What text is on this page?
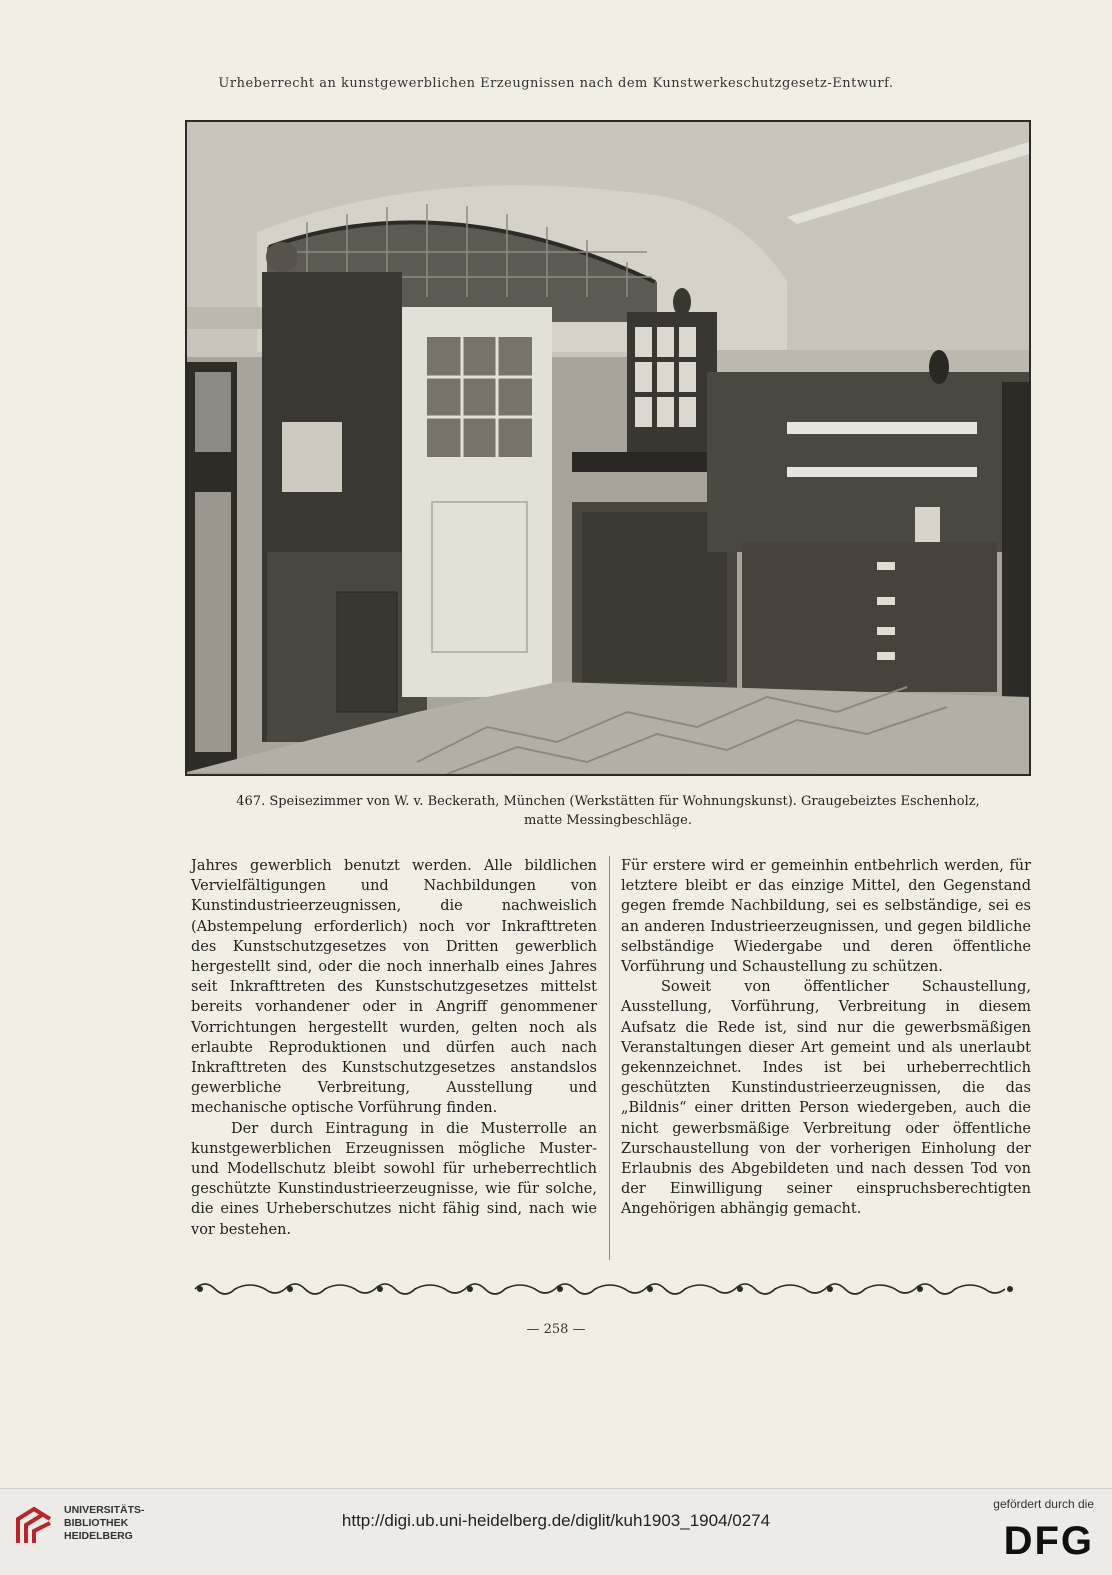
Urheberrecht an kunstgewerblichen Erzeugnissen nach dem Kunstwerkeschutzgesetz-Entwurf.
467. Speisezimmer von W. v. Beckerath, München (Werkstätten für Wohnungskunst). Graugebeiztes Eschenholz,
matte Messingbeschläge.

Jahres gewerblich benutzt werden. Alle bildlichen Vervielfältigungen und Nachbildungen von Kunstindustrieerzeugnissen, die nachweislich (Abstempelung erforderlich) noch vor Inkrafttreten des Kunstschutzgesetzes von Dritten gewerblich hergestellt sind, oder die noch innerhalb eines Jahres seit Inkrafttreten des Kunstschutzgesetzes mittelst bereits vorhandener oder in Angriff genommener Vorrichtungen hergestellt wurden, gelten noch als erlaubte Reproduktionen und dürfen auch nach Inkrafttreten des Kunstschutzgesetzes anstandslos gewerbliche Verbreitung, Ausstellung und mechanische optische Vorführung finden.

Der durch Eintragung in die Musterrolle an kunstgewerblichen Erzeugnissen mögliche Muster- und Modellschutz bleibt sowohl für urheberrechtlich geschützte Kunstindustrieerzeugnisse, wie für solche, die eines Urheberschutzes nicht fähig sind, nach wie vor bestehen.

Für erstere wird er gemeinhin entbehrlich werden, für letztere bleibt er das einzige Mittel, den Gegenstand gegen fremde Nachbildung, sei es selbständige, sei es an anderen Industrieerzeugnissen, und gegen bildliche selbständige Wiedergabe und deren öffentliche Vorführung und Schaustellung zu schützen.

Soweit von öffentlicher Schaustellung, Ausstellung, Vorführung, Verbreitung in diesem Aufsatz die Rede ist, sind nur die gewerbsmäßigen Veranstaltungen dieser Art gemeint und als unerlaubt gekennzeichnet. Indes ist bei urheberrechtlich geschützten Kunstindustrieerzeugnissen, die das „Bildnis“ einer dritten Person wiedergeben, auch die nicht gewerbsmäßige Verbreitung oder öffentliche Zurschaustellung von der vorherigen Einholung der Erlaubnis des Abgebildeten und nach dessen Tod von der Einwilligung seiner einspruchsberechtigten Angehörigen abhängig gemacht.

— 258 —
UNIVERSITÄTS-
BIBLIOTHEK
HEIDELBERG
http://digi.ub.uni-heidelberg.de/diglit/kuh1903_1904/0274
gefördert durch die
DFG
